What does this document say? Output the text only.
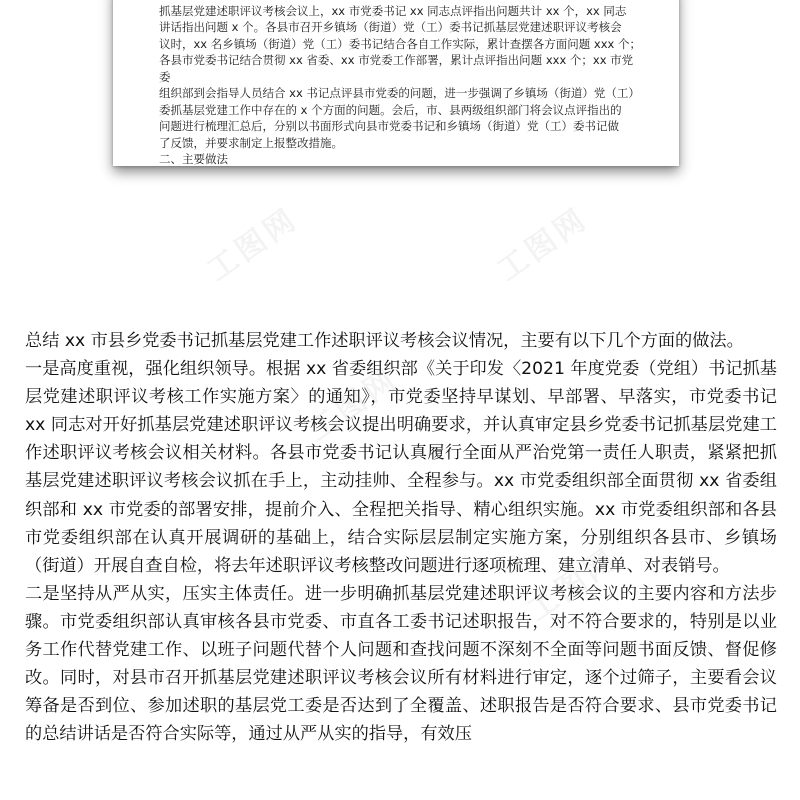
抓基层党建述职评议考核会议上，xx 市党委书记 xx 同志点评指出问题共计 xx 个，xx 同志

讲话指出问题 x 个。各县市召开乡镇场（街道）党（工）委书记抓基层党建述职评议考核会

议时，xx 名乡镇场（街道）党（工）委书记结合各自工作实际，累计查摆各方面问题 xxx 个；

各县市党委书记结合贯彻 xx 省委、xx 市党委工作部署，累计点评指出问题 xxx 个；xx 市党委

组织部到会指导人员结合 xx 书记点评县市党委的问题，进一步强调了乡镇场（街道）党（工）

委抓基层党建工作中存在的 x 个方面的问题。会后，市、县两级组织部门将会议点评指出的

问题进行梳理汇总后，分别以书面形式向县市党委书记和乡镇场（街道）党（工）委书记做

了反馈，并要求制定上报整改措施。

二、主要做法

工图网	工图网
工图网
工图网

总结 xx 市县乡党委书记抓基层党建工作述职评议考核会议情况，主要有以下几个方面的做法。

一是高度重视，强化组织领导。根据 xx 省委组织部《关于印发〈2021 年度党委（党组）书记抓基层党建述职评议考核工作实施方案〉的通知》，市党委坚持早谋划、早部署、早落实，市党委书记 xx 同志对开好抓基层党建述职评议考核会议提出明确要求，并认真审定县乡党委书记抓基层党建工作述职评议考核会议相关材料。各县市党委书记认真履行全面从严治党第一责任人职责，紧紧把抓基层党建述职评议考核会议抓在手上，主动挂帅、全程参与。xx 市党委组织部全面贯彻 xx 省委组织部和 xx 市党委的部署安排，提前介入、全程把关指导、精心组织实施。xx 市党委组织部和各县市党委组织部在认真开展调研的基础上，结合实际层层制定实施方案，分别组织各县市、乡镇场（街道）开展自查自检，将去年述职评议考核整改问题进行逐项梳理、建立清单、对表销号。

二是坚持从严从实，压实主体责任。进一步明确抓基层党建述职评议考核会议的主要内容和方法步骤。市党委组织部认真审核各县市党委、市直各工委书记述职报告，对不符合要求的，特别是以业务工作代替党建工作、以班子问题代替个人问题和查找问题不深刻不全面等问题书面反馈、督促修改。同时，对县市召开抓基层党建述职评议考核会议所有材料进行审定，逐个过筛子，主要看会议筹备是否到位、参加述职的基层党工委是否达到了全覆盖、述职报告是否符合要求、县市党委书记的总结讲话是否符合实际等，通过从严从实的指导，有效压
